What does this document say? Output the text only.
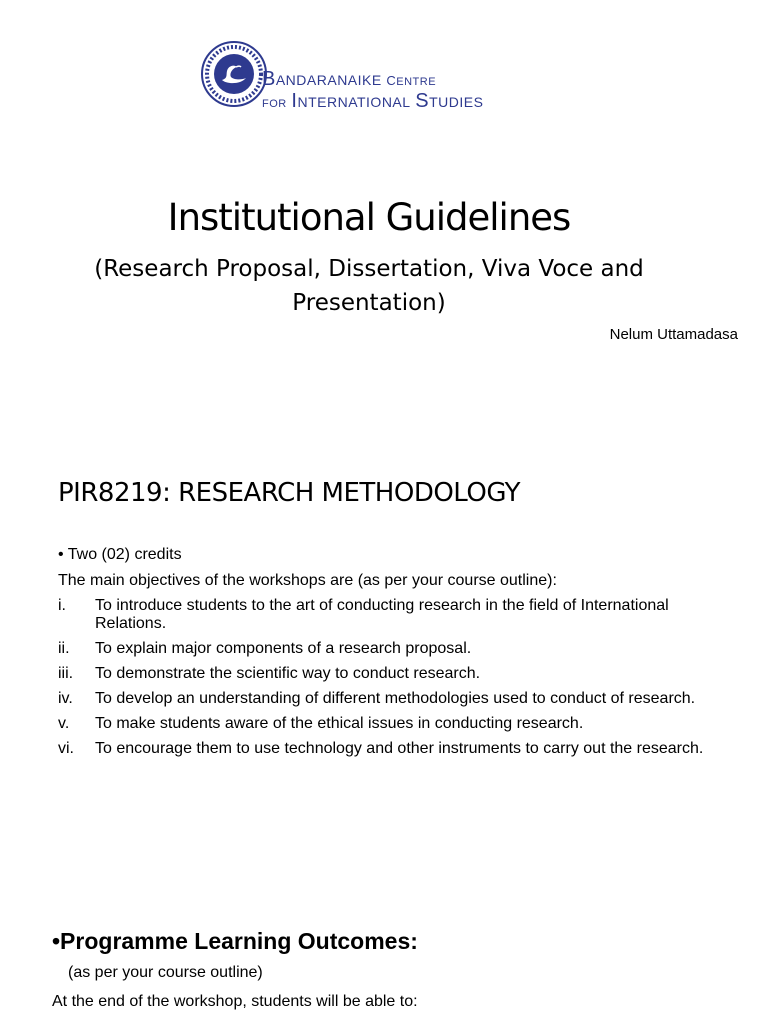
BANDARANAIKE CENTRE
FOR INTERNATIONAL STUDIES
Institutional Guidelines
(Research Proposal, Dissertation, Viva Voce and Presentation)
Nelum Uttamadasa
PIR8219: RESEARCH METHODOLOGY
• Two (02) credits
The main objectives of the workshops are (as per your course outline):
i. To introduce students to the art of conducting research in the field of International Relations.
ii. To explain major components of a research proposal.
iii. To demonstrate the scientific way to conduct research.
iv. To develop an understanding of different methodologies used to conduct of research.
v. To make students aware of the ethical issues in conducting research.
vi. To encourage them to use technology and other instruments to carry out the research.
•Programme Learning Outcomes:
(as per your course outline)
At the end of the workshop, students will be able to:
